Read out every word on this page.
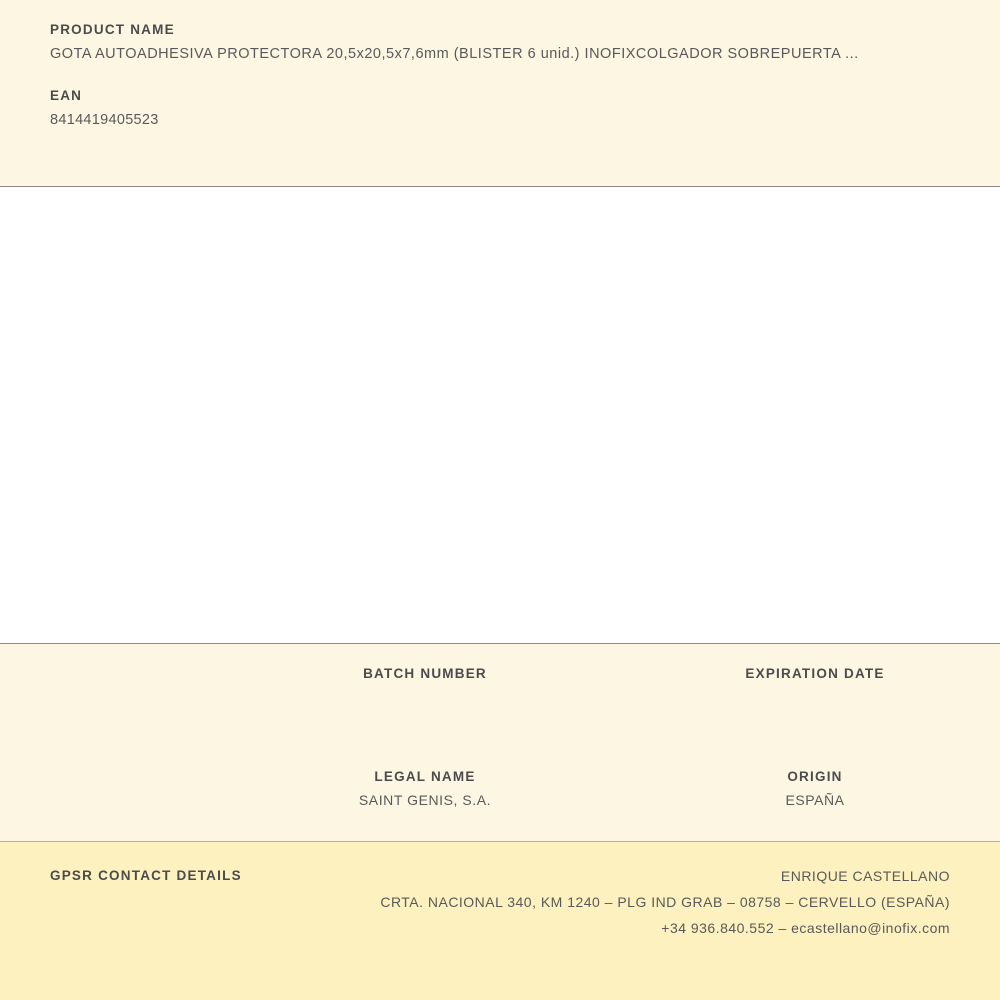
PRODUCT NAME

GOTA AUTOADHESIVA PROTECTORA 20,5x20,5x7,6mm (BLISTER 6 unid.) INOFIXCOLGADOR SOBREPUERTA ...

EAN

8414419405523

BATCH NUMBER	EXPIRATION DATE

LEGAL NAME

SAINT GENIS, S.A.

ORIGIN

ESPAÑA

GPSR CONTACT DETAILS	ENRIQUE CASTELLANO

CRTA. NACIONAL 340, KM 1240 – PLG IND GRAB – 08758 – CERVELLO (ESPAÑA)

+34 936.840.552 – ecastellano@inofix.com
